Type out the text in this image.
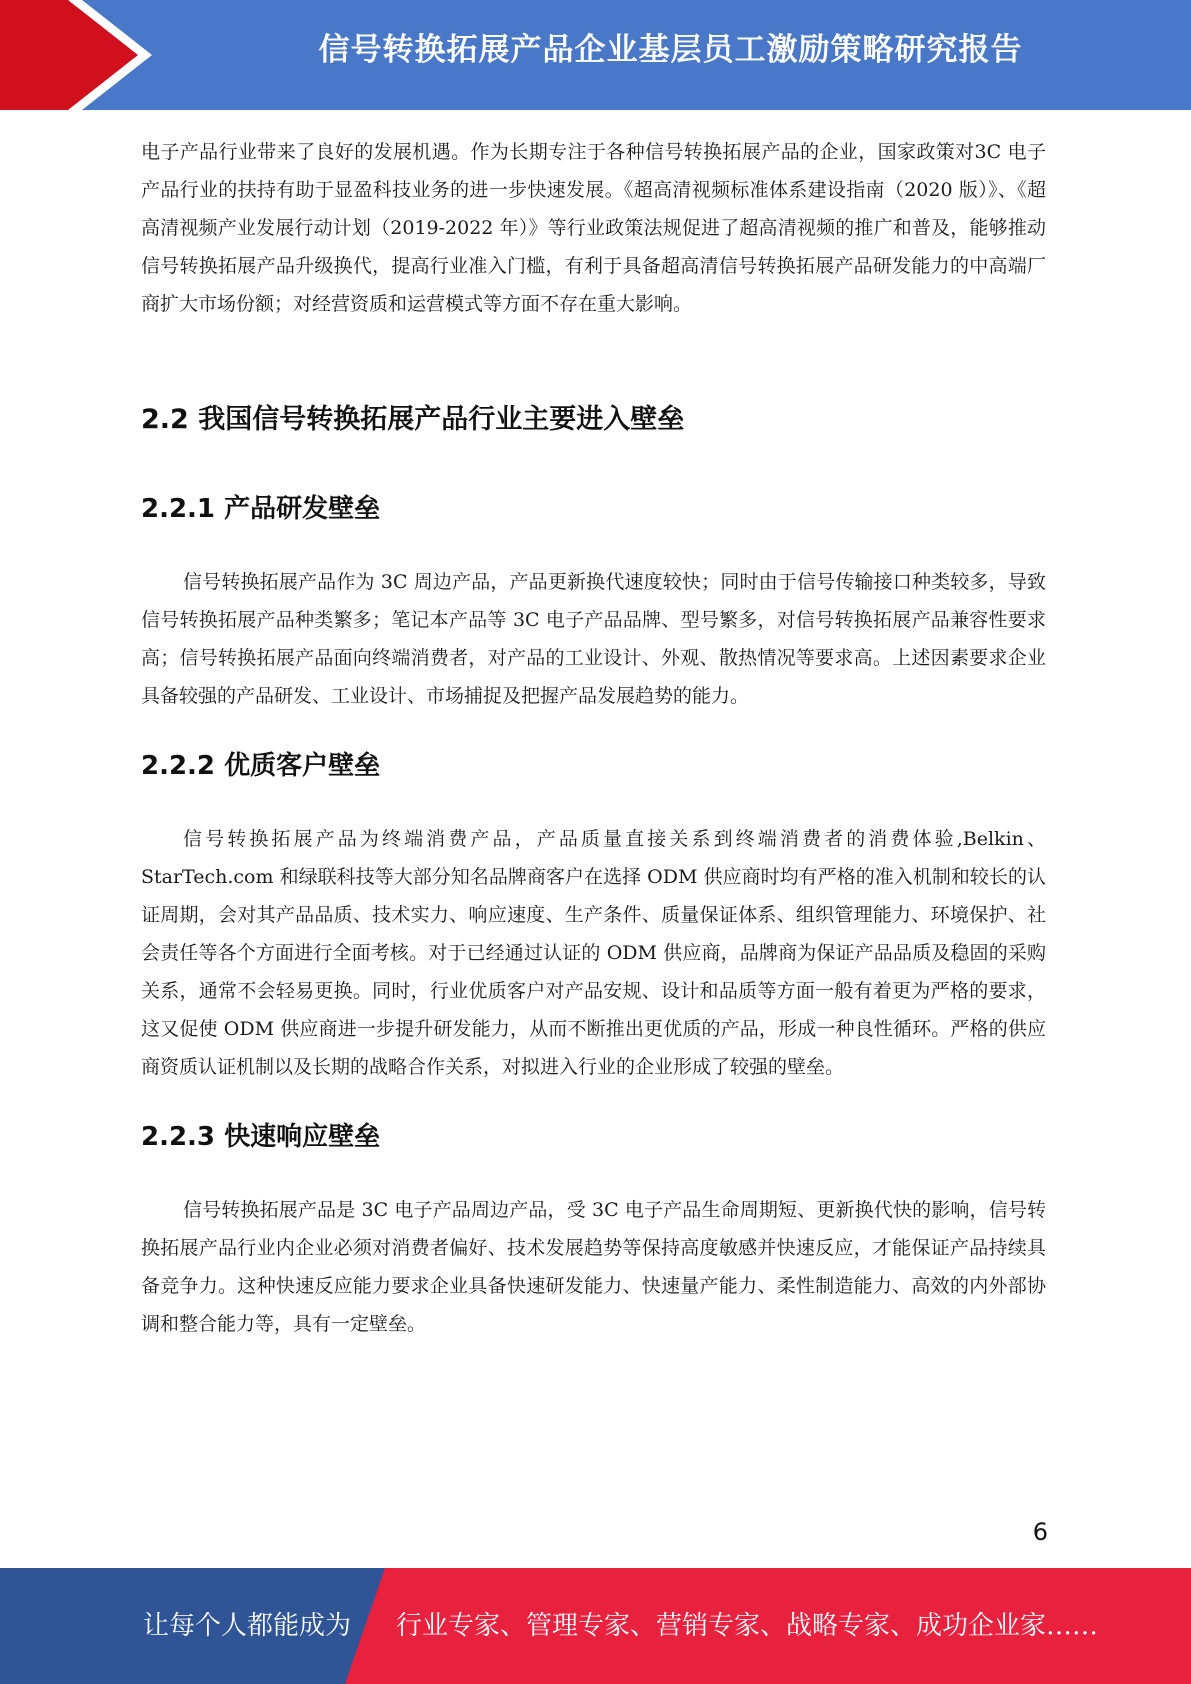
信号转换拓展产品企业基层员工激励策略研究报告

电子产品行业带来了良好的发展机遇。作为长期专注于各种信号转换拓展产品的企业，国家政策对3C 电子产品行业的扶持有助于显盈科技业务的进一步快速发展。《超高清视频标准体系建设指南（2020 版）》、《超高清视频产业发展行动计划（2019-2022 年）》等行业政策法规促进了超高清视频的推广和普及，能够推动信号转换拓展产品升级换代，提高行业准入门槛，有利于具备超高清信号转换拓展产品研发能力的中高端厂商扩大市场份额；对经营资质和运营模式等方面不存在重大影响。

2.2 我国信号转换拓展产品行业主要进入壁垒
2.2.1 产品研发壁垒

信号转换拓展产品作为 3C 周边产品，产品更新换代速度较快；同时由于信号传输接口种类较多，导致信号转换拓展产品种类繁多；笔记本产品等 3C 电子产品品牌、型号繁多，对信号转换拓展产品兼容性要求高；信号转换拓展产品面向终端消费者，对产品的工业设计、外观、散热情况等要求高。上述因素要求企业具备较强的产品研发、工业设计、市场捕捉及把握产品发展趋势的能力。

2.2.2 优质客户壁垒

信号转换拓展产品为终端消费产品，产品质量直接关系到终端消费者的消费体验,Belkin、StarTech.com 和绿联科技等大部分知名品牌商客户在选择 ODM 供应商时均有严格的准入机制和较长的认证周期，会对其产品品质、技术实力、响应速度、生产条件、质量保证体系、组织管理能力、环境保护、社会责任等各个方面进行全面考核。对于已经通过认证的 ODM 供应商，品牌商为保证产品品质及稳固的采购关系，通常不会轻易更换。同时，行业优质客户对产品安规、设计和品质等方面一般有着更为严格的要求，这又促使 ODM 供应商进一步提升研发能力，从而不断推出更优质的产品，形成一种良性循环。严格的供应商资质认证机制以及长期的战略合作关系，对拟进入行业的企业形成了较强的壁垒。

2.2.3 快速响应壁垒

信号转换拓展产品是 3C 电子产品周边产品，受 3C 电子产品生命周期短、更新换代快的影响，信号转换拓展产品行业内企业必须对消费者偏好、技术发展趋势等保持高度敏感并快速反应，才能保证产品持续具备竞争力。这种快速反应能力要求企业具备快速研发能力、快速量产能力、柔性制造能力、高效的内外部协调和整合能力等，具有一定壁垒。

6
让每个人都能成为 行业专家、管理专家、营销专家、战略专家、成功企业家……
